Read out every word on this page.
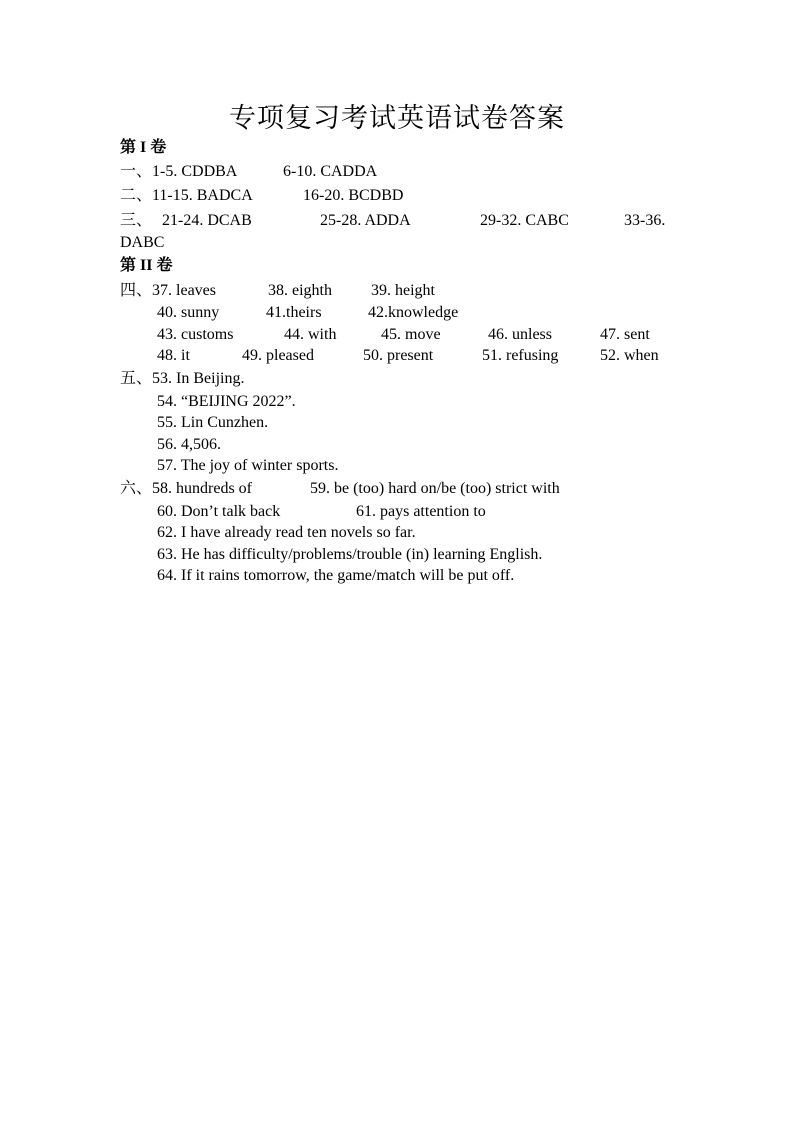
专项复习考试英语试卷答案
第 I 卷
一、1-5. CDDBA	6-10. CADDA
二、11-15. BADCA	16-20. BCDBD
三、 21-24. DCAB	25-28. ADDA	29-32. CABC	33-36.
DABC
第 II 卷
四、37. leaves	38. eighth 39. height
40. sunny	41.theirs	42.knowledge
43. customs	44. with	45. move	46. unless	47. sent
48. it	49. pleased	50. present	51. refusing	52. when
五、53. In Beijing.
54. “BEIJING 2022”.
55. Lin Cunzhen.
56. 4,506.
57. The joy of winter sports.
六、58. hundreds of	59. be (too) hard on/be (too) strict with
60. Don’t talk back	61. pays attention to
62. I have already read ten novels so far.
63. He has difficulty/problems/trouble (in) learning English.
64. If it rains tomorrow, the game/match will be put off.
